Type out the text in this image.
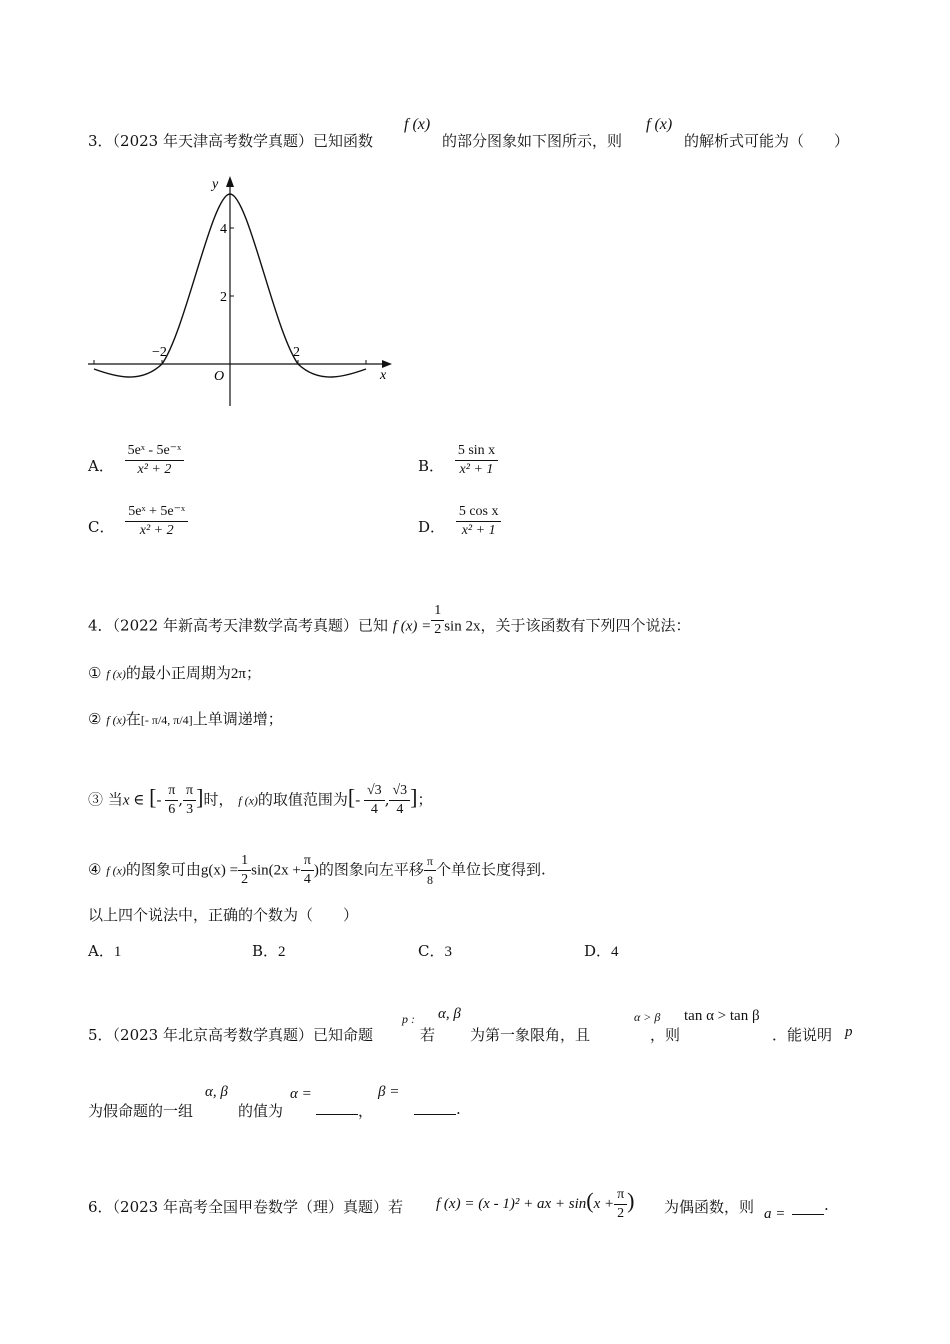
3．（2023 年天津高考数学真题）已知函数
f (x)
的部分图象如下图所示，则
f (x)
的解析式可能为（　　）
y
x
O
4
2
−2	2
A． $\frac{\text{5eˣ - 5e⁻ˣ}}{\text{x² + 2}}$	B． $\frac{\text{5 sin x}}{\text{x² + 1}}$
C． $\frac{\text{5eˣ + 5e⁻ˣ}}{\text{x² + 2}}$	D． $\frac{\text{5 cos x}}{\text{x² + 1}}$
4．（2022 年新高考天津数学高考真题）已知 f $(x) = \frac{1}{2}$ sin 2x，关于该函数有下列四个说法：
① f (x)的最小正周期为2π；
② f (x)在[- π/4, π/4]上单调递增；
③ 当x ∈ [- $\frac{\pi}{6}$ , $\frac{\pi}{3}$ ]时， f (x)的取值范围为[- $\frac{√3}{4}$ , $\frac{√3}{4}$ ]；
④ f (x)的图象可由$g(x) = \frac{1}{2} \sin(2x + \frac{\pi}{4}$ )的图象向左平移 $\frac{\pi}{8}$ 个单位长度得到.
以上四个说法中，正确的个数为（　　）
A．1	B．2	C．3	D．4
5．（2023 年北京高考数学真题）已知命题
p :
若
α, β
为第一象限角，且
α > β
，则
tan α > tan β
．能说明 p
为假命题的一组
α, β
的值为
α =
，
β =
.
6．（2023 年高考全国甲卷数学（理）真题）若 f (x) = (x - 1)² + ax + $\sin(x + \frac{\pi}{2}$ ) 为偶函数，则 a =	.
